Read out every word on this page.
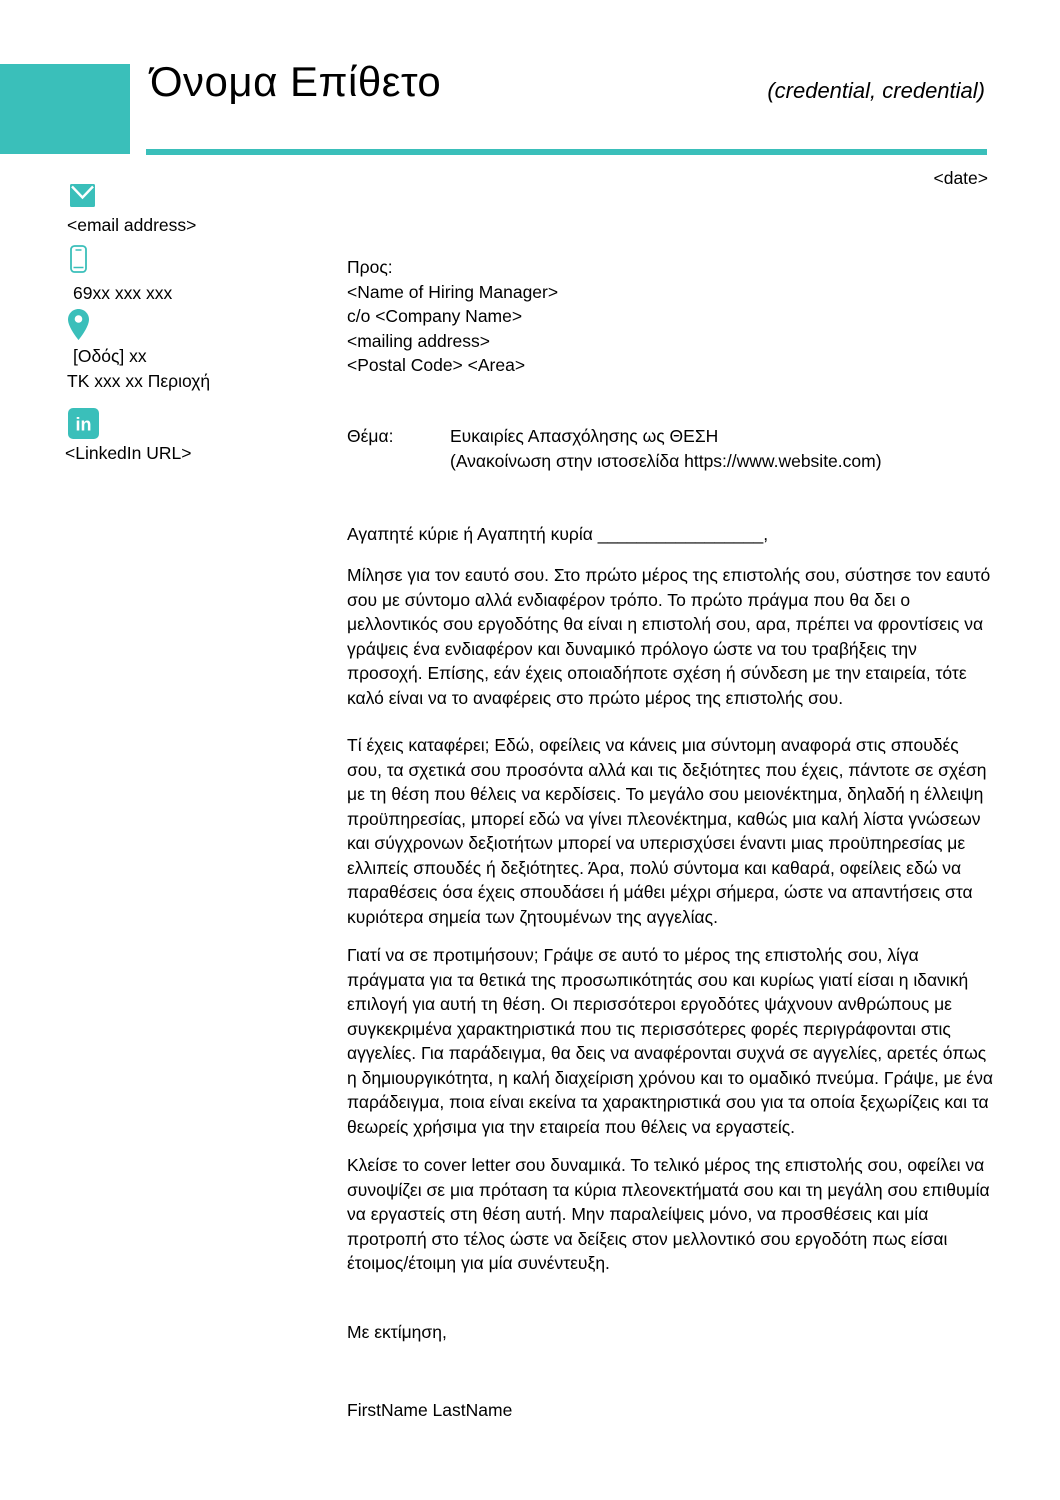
Όνομα Επίθετο	(credential, credential)
<date>
<email address>
69xx xxx xxx
[Οδός] xx
ΤΚ xxx xx Περιοχή
in
<LinkedIn URL>
Προς:
<Name of Hiring Manager>
c/o <Company Name>
<mailing address>
<Postal Code> <Area>
Θέμα:	Ευκαιρίες Απασχόλησης ως ΘΕΣΗ
(Ανακοίνωση στην ιστοσελίδα https://www.website.com)

Αγαπητέ κύριε ή Αγαπητή κυρία _________________,

Μίλησε για τον εαυτό σου. Στο πρώτο μέρος της επιστολής σου, σύστησε τον εαυτό σου με σύντομο αλλά ενδιαφέρον τρόπο. Το πρώτο πράγμα που θα δει ο μελλοντικός σου εργοδότης θα είναι η επιστολή σου, αρα, πρέπει να φροντίσεις να γράψεις ένα ενδιαφέρον και δυναμικό πρόλογο ώστε να του τραβήξεις την προσοχή. Επίσης, εάν έχεις οποιαδήποτε σχέση ή σύνδεση με την εταιρεία, τότε καλό είναι να το αναφέρεις στο πρώτο μέρος της επιστολής σου.

Τί έχεις καταφέρει; Εδώ, οφείλεις να κάνεις μια σύντομη αναφορά στις σπουδές σου, τα σχετικά σου προσόντα αλλά και τις δεξιότητες που έχεις, πάντοτε σε σχέση με τη θέση που θέλεις να κερδίσεις. Το μεγάλο σου μειονέκτημα, δηλαδή η έλλειψη προϋπηρεσίας, μπορεί εδώ να γίνει πλεονέκτημα, καθώς μια καλή λίστα γνώσεων και σύγχρονων δεξιοτήτων μπορεί να υπερισχύσει έναντι μιας προϋπηρεσίας με ελλιπείς σπουδές ή δεξιότητες. Άρα, πολύ σύντομα και καθαρά, οφείλεις εδώ να παραθέσεις όσα έχεις σπουδάσει ή μάθει μέχρι σήμερα, ώστε να απαντήσεις στα κυριότερα σημεία των ζητουμένων της αγγελίας.

Γιατί να σε προτιμήσουν; Γράψε σε αυτό το μέρος της επιστολής σου, λίγα πράγματα για τα θετικά της προσωπικότητάς σου και κυρίως γιατί είσαι η ιδανική επιλογή για αυτή τη θέση. Οι περισσότεροι εργοδότες ψάχνουν ανθρώπους με συγκεκριμένα χαρακτηριστικά που τις περισσότερες φορές περιγράφονται στις αγγελίες. Για παράδειγμα, θα δεις να αναφέρονται συχνά σε αγγελίες, αρετές όπως η δημιουργικότητα, η καλή διαχείριση χρόνου και το ομαδικό πνεύμα. Γράψε, με ένα παράδειγμα, ποια είναι εκείνα τα χαρακτηριστικά σου για τα οποία ξεχωρίζεις και τα θεωρείς χρήσιμα για την εταιρεία που θέλεις να εργαστείς.

Κλείσε το cover letter σου δυναμικά. Το τελικό μέρος της επιστολής σου, οφείλει να συνοψίζει σε μια πρόταση τα κύρια πλεονεκτήματά σου και τη μεγάλη σου επιθυμία να εργαστείς στη θέση αυτή. Μην παραλείψεις μόνο, να προσθέσεις και μία προτροπή στο τέλος ώστε να δείξεις στον μελλοντικό σου εργοδότη πως είσαι έτοιμος/έτοιμη για μία συνέντευξη.

Με εκτίμηση,

FirstName LastName
